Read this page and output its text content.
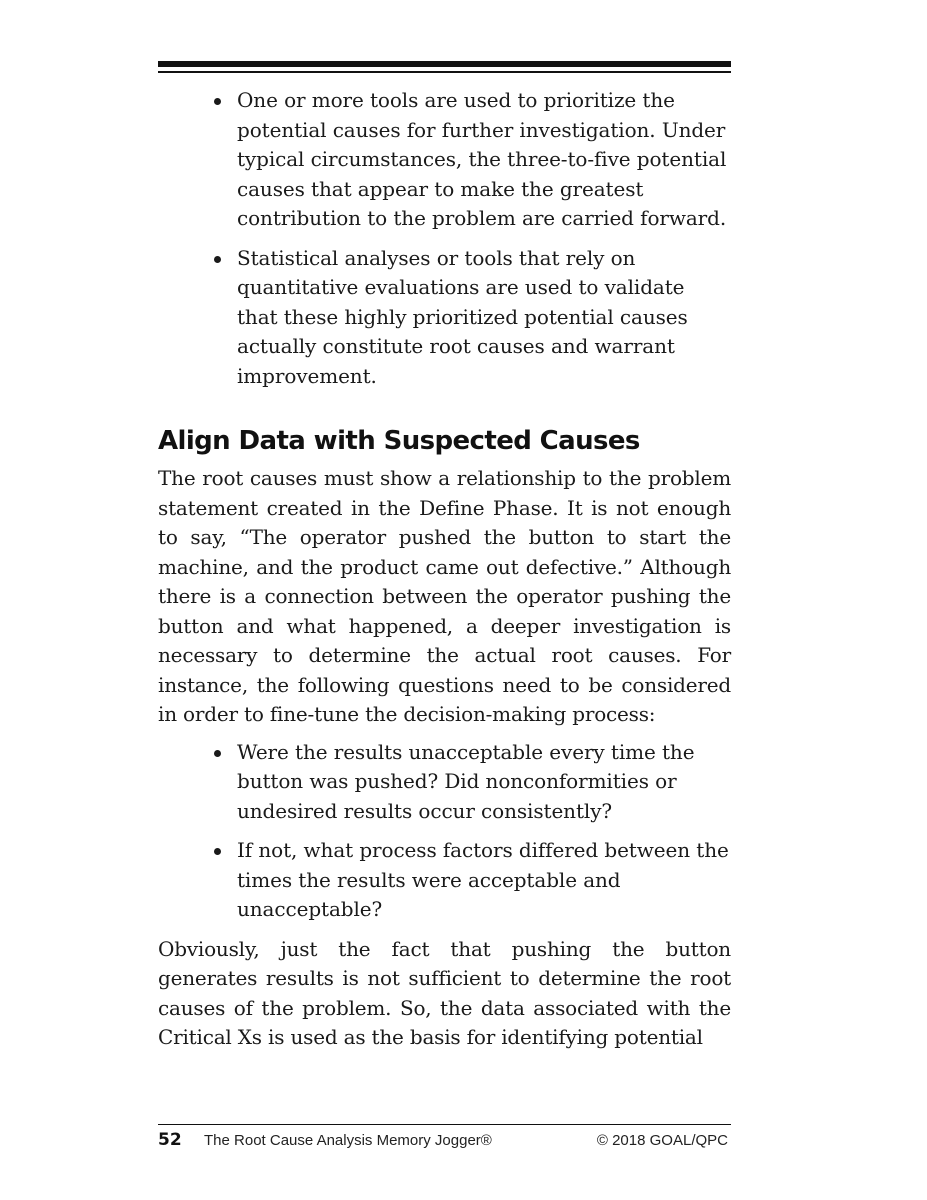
One or more tools are used to prioritize the potential causes for further investigation. Under typical circumstances, the three-to-five potential causes that appear to make the greatest contribution to the problem are carried forward.
Statistical analyses or tools that rely on quantitative evaluations are used to validate that these highly prioritized potential causes actually constitute root causes and warrant improvement.
Align Data with Suspected Causes

The root causes must show a relationship to the problem statement created in the Define Phase. It is not enough to say, “The operator pushed the button to start the machine, and the product came out defective.” Although there is a connection between the operator pushing the button and what happened, a deeper investigation is necessary to determine the actual root causes. For instance, the following questions need to be considered in order to fine-tune the decision-making process:

Were the results unacceptable every time the button was pushed? Did nonconformities or undesired results occur consistently?
If not, what process factors differed between the times the results were acceptable and unacceptable?

Obviously, just the fact that pushing the button generates results is not sufficient to determine the root causes of the problem. So, the data associated with the Critical Xs is used as the basis for identifying potential

52 The Root Cause Analysis Memory Jogger®	© 2018 GOAL/QPC
